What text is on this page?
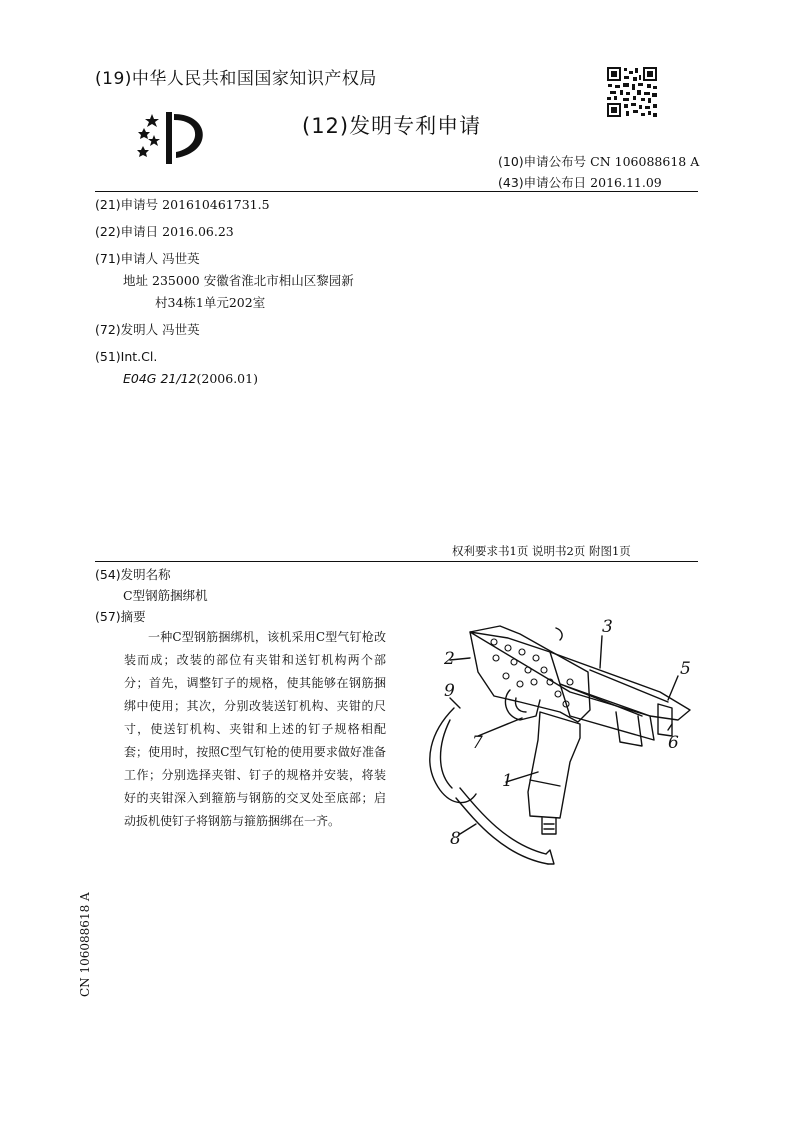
(19)中华人民共和国国家知识产权局
(12)发明专利申请
(10)申请公布号 CN 106088618 A
(43)申请公布日 2016.11.09
(21)申请号 201610461731.5
(22)申请日 2016.06.23
(71)申请人 冯世英
地址 235000 安徽省淮北市相山区黎园新
村34栋1单元202室
(72)发明人 冯世英
(51)Int.Cl.
E04G 21/12(2006.01)
权利要求书1页 说明书2页 附图1页
(54)发明名称
C型钢筋捆绑机
(57)摘要
一种C型钢筋捆绑机，该机采用C型气钉枪改装而成；改装的部位有夹钳和送钉机构两个部分；首先，调整钉子的规格，使其能够在钢筋捆绑中使用；其次，分别改装送钉机构、夹钳的尺寸，使送钉机构、夹钳和上述的钉子规格相配套；使用时，按照C型气钉枪的使用要求做好准备工作；分别选择夹钳、钉子的规格并安装，将装好的夹钳深入到箍筋与钢筋的交叉处至底部；启动扳机使钉子将钢筋与箍筋捆绑在一齐。
2
3
5
6
7
1
8
9
CN 106088618 A
